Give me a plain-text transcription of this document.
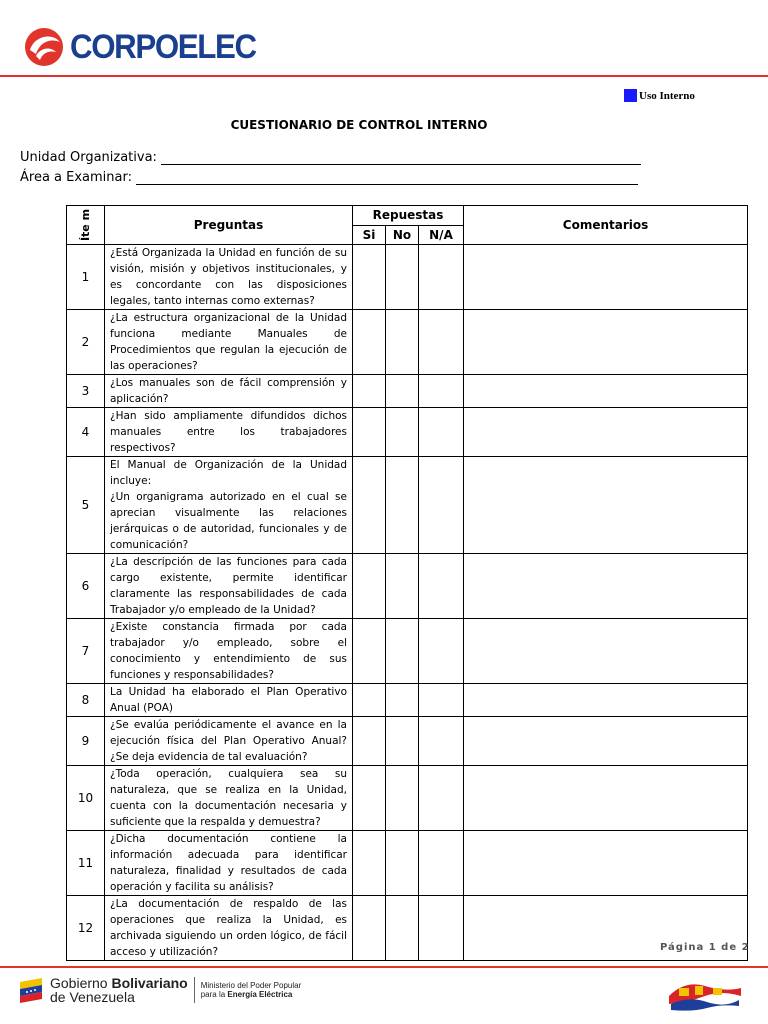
CORPOELEC
Uso Interno
CUESTIONARIO DE CONTROL INTERNO
Unidad Organizativa:
Área a Examinar:
Íte m	Preguntas	Repuestas			Comentarios
		Si	No	N/A	
1	¿Está Organizada la Unidad en función de su visión, misión y objetivos institucionales, y es concordante con las disposiciones legales, tanto internas como externas?				
2	¿La estructura organizacional de la Unidad funciona mediante Manuales de Procedimientos que regulan la ejecución de las operaciones?				
3	¿Los manuales son de fácil comprensión y aplicación?				
4	¿Han sido ampliamente difundidos dichos manuales entre los trabajadores respectivos?				
5	El Manual de Organización de la Unidad incluye:
¿Un organigrama autorizado en el cual se aprecian visualmente las relaciones jerárquicas o de autoridad, funcionales y de comunicación?				

6	¿La descripción de las funciones para cada cargo existente, permite identificar claramente las responsabilidades de cada Trabajador y/o empleado de la Unidad?				
7	¿Existe constancia firmada por cada trabajador y/o empleado, sobre el conocimiento y entendimiento de sus funciones y responsabilidades?				
8	La Unidad ha elaborado el Plan Operativo Anual (POA)				
9	¿Se evalúa periódicamente el avance en la ejecución física del Plan Operativo Anual? ¿Se deja evidencia de tal evaluación?				
10	¿Toda operación, cualquiera sea su naturaleza, que se realiza en la Unidad, cuenta con la documentación necesaria y suficiente que la respalda y demuestra?				
11	¿Dicha documentación contiene la información adecuada para identificar naturaleza, finalidad y resultados de cada operación y facilita su análisis?				
12	¿La documentación de respaldo de las operaciones que realiza la Unidad, es archivada siguiendo un orden lógico, de fácil acceso y utilización?					Página 1 de 2
Gobierno Bolivariano
de Venezuela
Ministerio del Poder Popular
para la Energía Eléctrica
